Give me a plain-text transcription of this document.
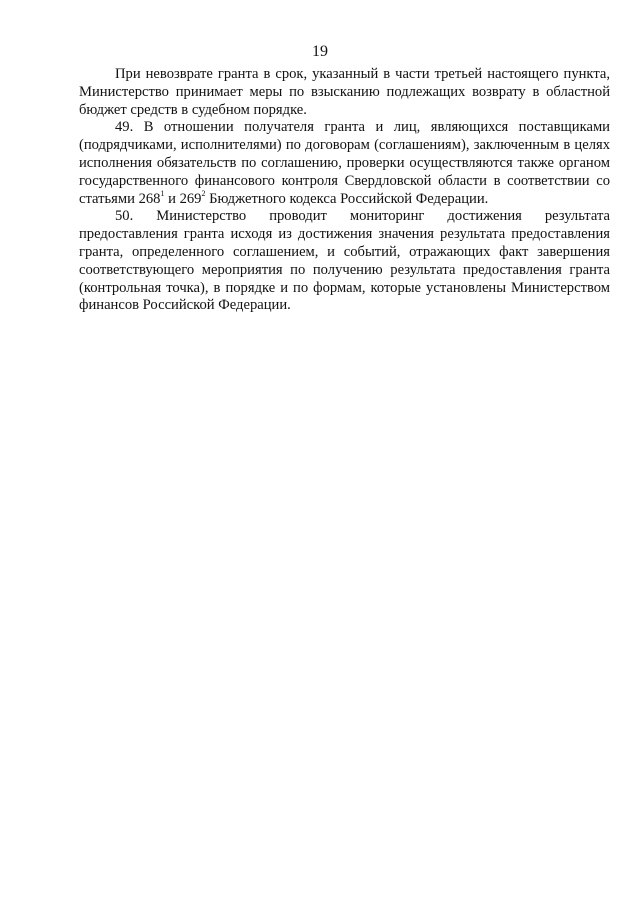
19

При невозврате гранта в срок, указанный в части третьей настоящего пункта, Министерство принимает меры по взысканию подлежащих возврату в областной бюджет средств в судебном порядке.

49. В отношении получателя гранта и лиц, являющихся поставщиками (подрядчиками, исполнителями) по договорам (соглашениям), заключенным в целях исполнения обязательств по соглашению, проверки осуществляются также органом государственного финансового контроля Свердловской области в соответствии со статьями $268^1$ и $269^2$ Бюджетного кодекса Российской Федерации.

50. Министерство проводит мониторинг достижения результата предоставления гранта исходя из достижения значения результата предоставления гранта, определенного соглашением, и событий, отражающих факт завершения соответствующего мероприятия по получению результата предоставления гранта (контрольная точка), в порядке и по формам, которые установлены Министерством финансов Российской Федерации.
